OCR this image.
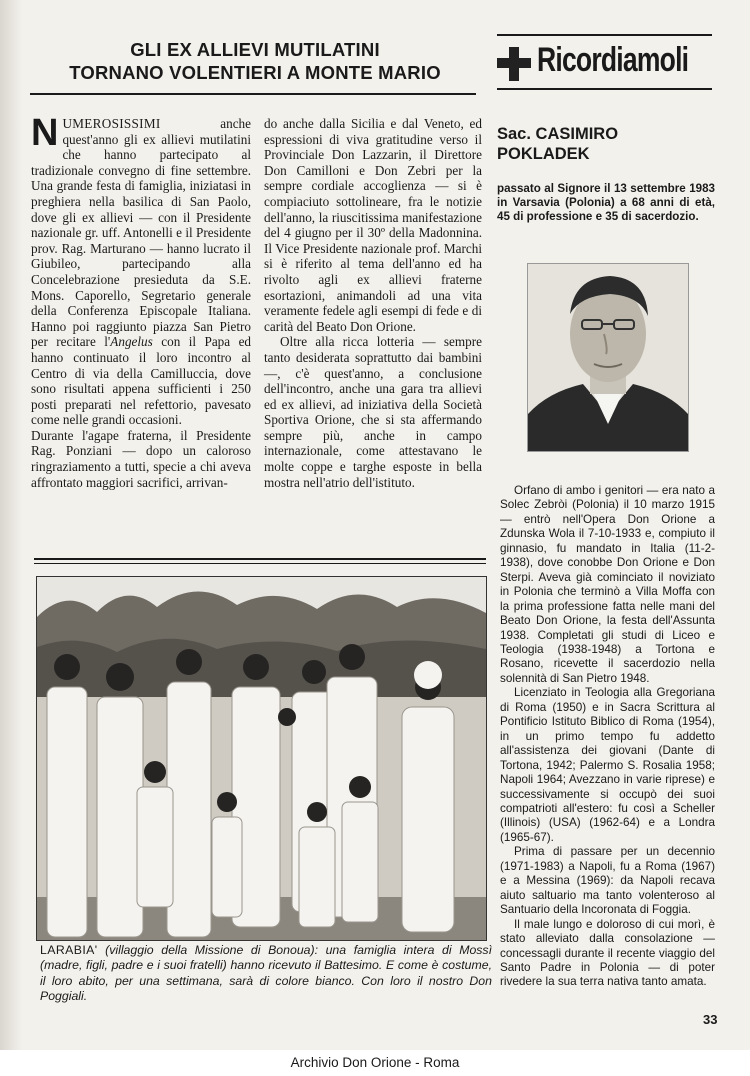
GLI EX ALLIEVI MUTILATINI
TORNANO VOLENTIERI A MONTE MARIO	Ricordiamoli

NUMEROSISSIMI	anche quest'anno gli ex allievi mutilatini che hanno partecipato al tradizionale convegno di fine settembre. Una grande festa di famiglia, iniziatasi in preghiera nella basilica di San Paolo, dove gli ex allievi — con il Presidente nazionale gr. uff. Antonelli e il Presidente prov. Rag. Marturano — hanno lucrato il Giubileo, partecipando alla Concelebrazione presieduta da S.E. Mons. Caporello, Segretario generale della Conferenza Episcopale Italiana. Hanno poi raggiunto piazza San Pietro per recitare l'Angelus con il Papa ed hanno continuato il loro incontro al Centro di via della Camilluccia, dove sono risultati appena sufficienti i 250 posti preparati nel refettorio, pavesato come nelle grandi occasioni.

Durante l'agape fraterna, il Presidente Rag. Ponziani — dopo un caloroso ringraziamento a tutti, specie a chi aveva affrontato maggiori sacrifici, arrivan-

do anche dalla Sicilia e dal Veneto, ed espressioni di viva gratitudine verso il Provinciale Don Lazzarin, il Direttore Don Camilloni e Don Zebri per la sempre cordiale accoglienza — si è compiaciuto sottolineare, fra le notizie dell'anno, la riuscitissima manifestazione del 4 giugno per il 30º della Madonnina. Il Vice Presidente nazionale prof. Marchi si è riferito al tema dell'anno ed ha rivolto agli ex allievi fraterne esortazioni, animandoli ad una vita veramente fedele agli esempi di fede e di carità del Beato Don Orione.

Oltre alla ricca lotteria — sempre tanto desiderata soprattutto dai bambini —, c'è quest'anno, a conclusione dell'incontro, anche una gara tra allievi ed ex allievi, ad iniziativa della Società Sportiva Orione, che si sta affermando sempre più, anche in campo internazionale, come attestavano le molte coppe e targhe esposte in bella mostra nell'atrio dell'istituto.

Sac. CASIMIRO
POKLADEK
passato al Signore il 13 settembre 1983 in Varsavia (Polonia) a 68 anni di età, 45 di professione e 35 di sacerdozio.

Orfano di ambo i genitori — era nato a Solec Zebròi (Polonia) il 10 marzo 1915 — entrò nell'Opera Don Orione a Zdunska Wola il 7-10-1933 e, compiuto il ginnasio, fu mandato in Italia (11-2-1938), dove conobbe Don Orione e Don Sterpi. Aveva già cominciato il noviziato in Polonia che terminò a Villa Moffa con la prima professione fatta nelle mani del Beato Don Orione, la festa dell'Assunta 1938. Completati gli studi di Liceo e Teologia (1938-1948) a Tortona e Rosano, ricevette il sacerdozio nella solennità di San Pietro 1948.

Licenziato in Teologia alla Gregoriana di Roma (1950) e in Sacra Scrittura al Pontificio Istituto Biblico di Roma (1954), in un primo tempo fu addetto all'assistenza dei giovani (Dante di Tortona, 1942; Palermo S. Rosalia 1958; Napoli 1964; Avezzano in varie riprese) e successivamente si occupò dei suoi compatrioti all'estero: fu così a Scheller (Illinois) (USA) (1962-64) e a Londra (1965-67).

Prima di passare per un decennio (1971-1983) a Napoli, fu a Roma (1967) e a Messina (1969): da Napoli recava aiuto saltuario ma tanto volenteroso al Santuario della Incoronata di Foggia.

Il male lungo e doloroso di cui morì, è stato alleviato dalla consolazione — concessagli durante il recente viaggio del Santo Padre in Polonia — di poter rivedere la sua terra nativa tanto amata.

LARABIA' (villaggio della Missione di Bonoua): una famiglia intera di Mossì (madre, figli, padre e i suoi fratelli) hanno ricevuto il Battesimo. E come è costume, il loro abito, per una settimana, sarà di colore bianco. Con loro il nostro Don Poggiali.
33
Archivio Don Orione - Roma
